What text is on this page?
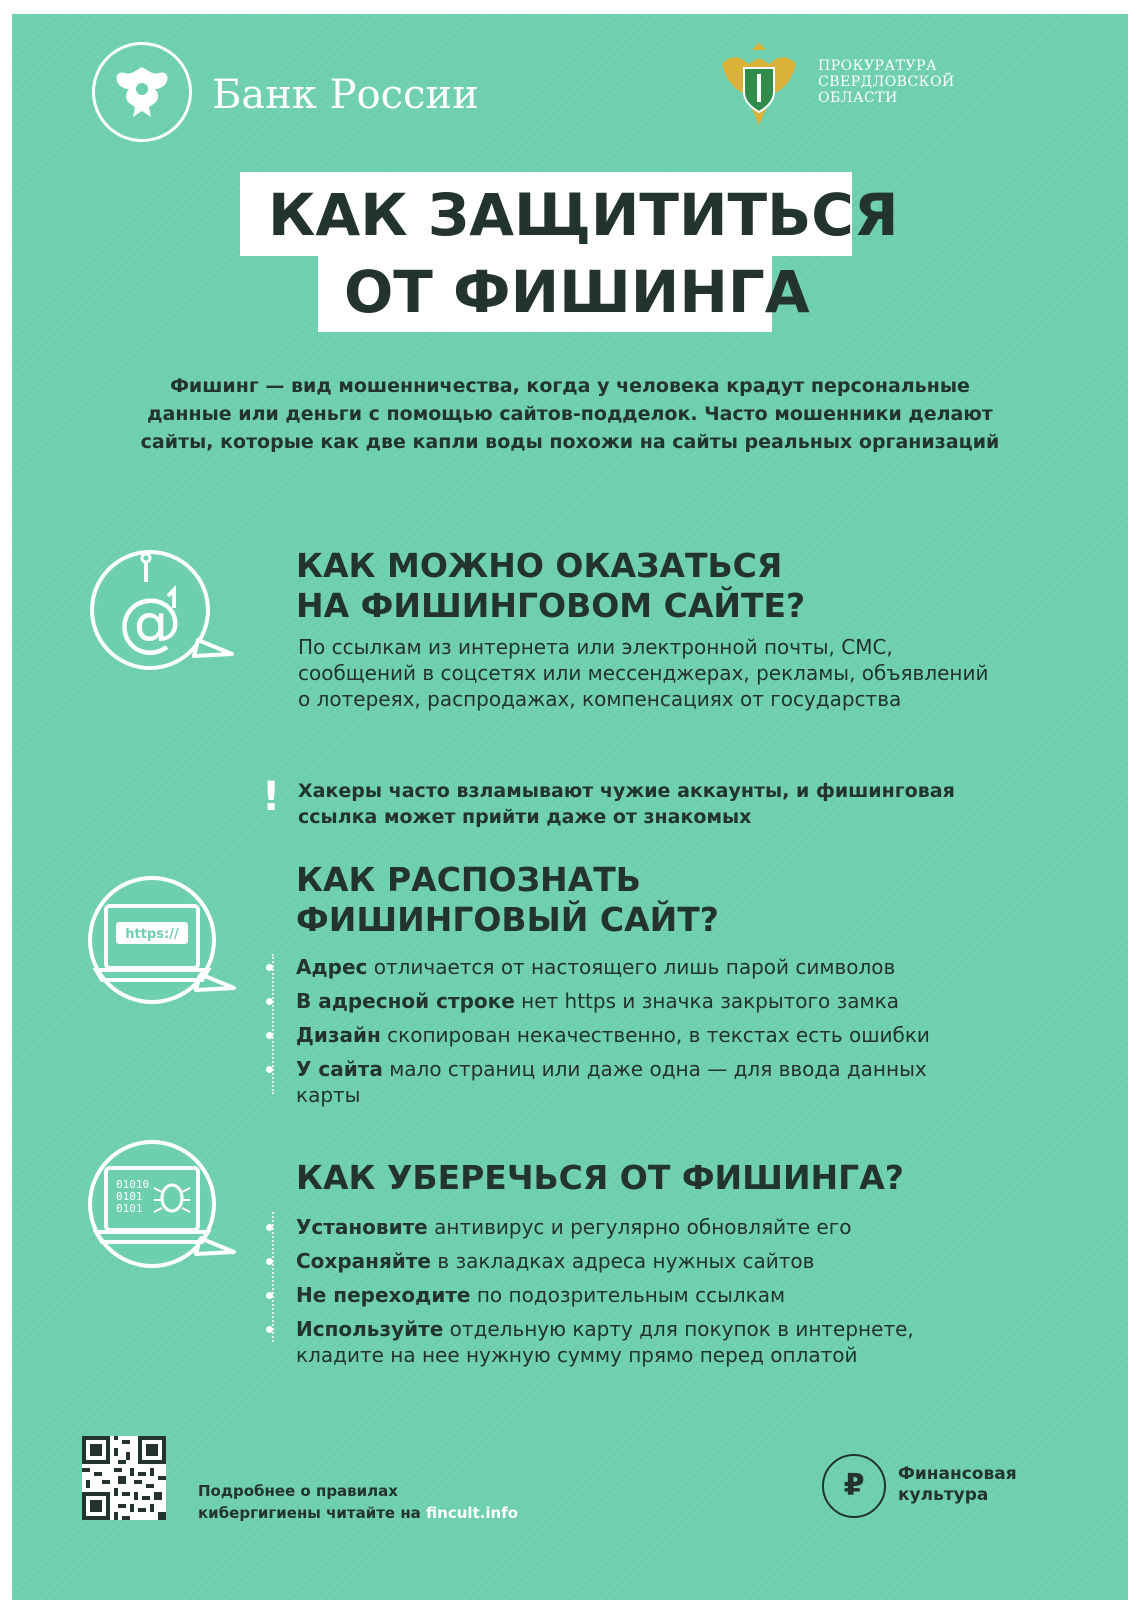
Банк России
ПРОКУРАТУРА
СВЕРДЛОВСКОЙ
ОБЛАСТИ
КАК ЗАЩИТИТЬСЯ
ОТ ФИШИНГА
Фишинг — вид мошенничества, когда у человека крадут персональные данные или деньги с помощью сайтов-подделок. Часто мошенники делают сайты, которые как две капли воды похожи на сайты реальных организаций
@
КАК МОЖНО ОКАЗАТЬСЯ
НА ФИШИНГОВОМ САЙТЕ?
По ссылкам из интернета или электронной почты, СМС, сообщений в соцсетях или мессенджерах, рекламы, объявлений о лотереях, распродажах, компенсациях от государства
! Хакеры часто взламывают чужие аккаунты, и фишинговая ссылка может прийти даже от знакомых
https://
КАК РАСПОЗНАТЬ
ФИШИНГОВЫЙ САЙТ?
Адрес отличается от настоящего лишь парой символов
В адресной строке нет https и значка закрытого замка
Дизайн скопирован некачественно, в текстах есть ошибки
У сайта мало страниц или даже одна — для ввода данных карты
01010
0101
0101
КАК УБЕРЕЧЬСЯ ОТ ФИШИНГА?
Установите антивирус и регулярно обновляйте его
Сохраняйте в закладках адреса нужных сайтов
Не переходите по подозрительным ссылкам
Используйте отдельную карту для покупок в интернете, кладите на нее нужную сумму прямо перед оплатой
Подробнее о правилах
кибергигиены читайте на fincult.info
₽	Финансовая
культура
